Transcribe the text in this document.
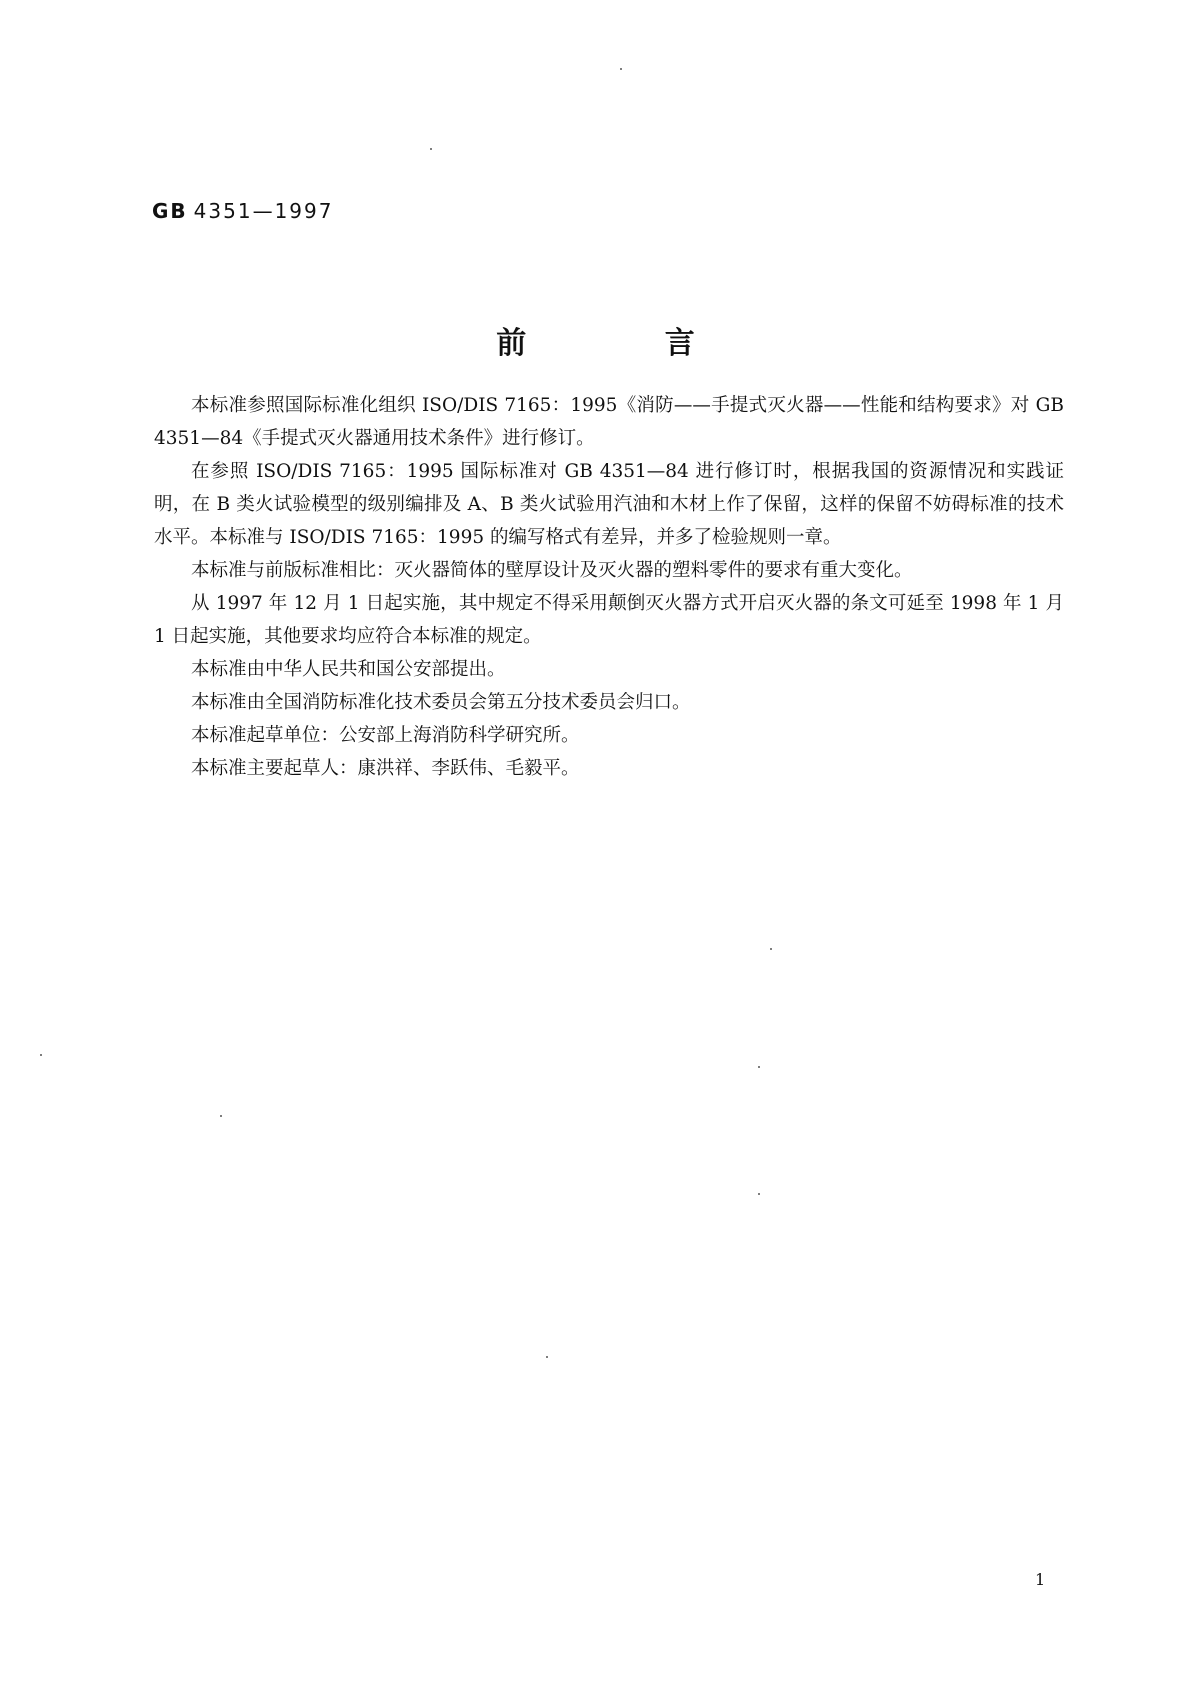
GB 4351—1997
前 言

本标准参照国际标准化组织 ISO/DIS 7165：1995《消防——手提式灭火器——性能和结构要求》对 GB 4351—84《手提式灭火器通用技术条件》进行修订。

在参照 ISO/DIS 7165：1995 国际标准对 GB 4351—84 进行修订时，根据我国的资源情况和实践证明，在 B 类火试验模型的级别编排及 A、B 类火试验用汽油和木材上作了保留，这样的保留不妨碍标准的技术水平。本标准与 ISO/DIS 7165：1995 的编写格式有差异，并多了检验规则一章。

本标准与前版标准相比：灭火器简体的壁厚设计及灭火器的塑料零件的要求有重大变化。

从 1997 年 12 月 1 日起实施，其中规定不得采用颠倒灭火器方式开启灭火器的条文可延至 1998 年 1 月 1 日起实施，其他要求均应符合本标准的规定。

本标准由中华人民共和国公安部提出。

本标准由全国消防标准化技术委员会第五分技术委员会归口。

本标准起草单位：公安部上海消防科学研究所。

本标准主要起草人：康洪祥、李跃伟、毛毅平。

1
